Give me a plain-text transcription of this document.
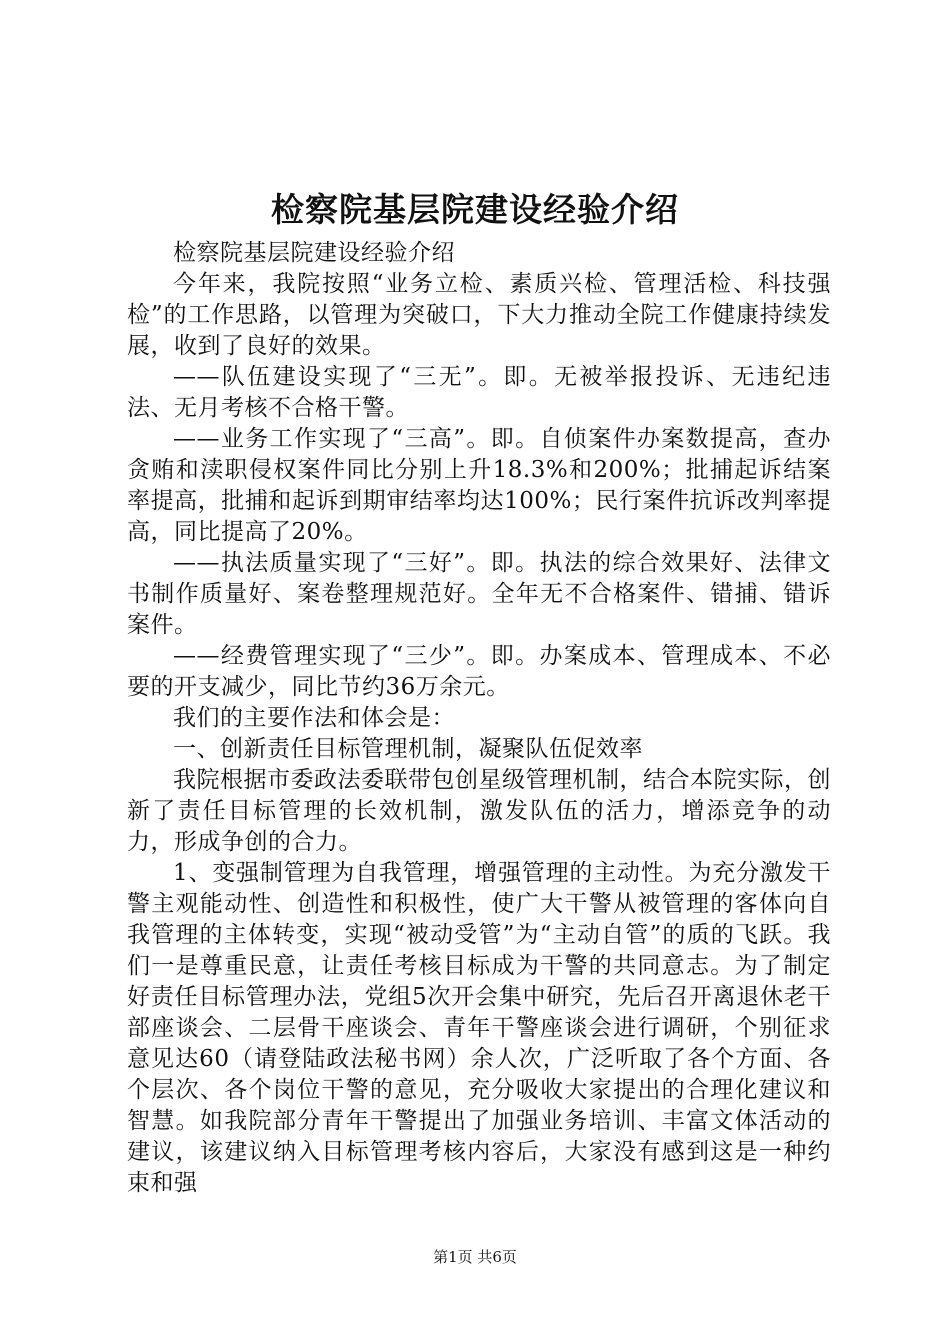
检察院基层院建设经验介绍

检察院基层院建设经验介绍

今年来，我院按照“业务立检、素质兴检、管理活检、科技强检”的工作思路，以管理为突破口，下大力推动全院工作健康持续发展，收到了良好的效果。

——队伍建设实现了“三无”。即。无被举报投诉、无违纪违法、无月考核不合格干警。

——业务工作实现了“三高”。即。自侦案件办案数提高，查办贪贿和渎职侵权案件同比分别上升18.3%和200%；批捕起诉结案率提高，批捕和起诉到期审结率均达100%；民行案件抗诉改判率提高，同比提高了20%。

——执法质量实现了“三好”。即。执法的综合效果好、法律文书制作质量好、案卷整理规范好。全年无不合格案件、错捕、错诉案件。

——经费管理实现了“三少”。即。办案成本、管理成本、不必要的开支减少，同比节约36万余元。

我们的主要作法和体会是：

一、创新责任目标管理机制，凝聚队伍促效率

我院根据市委政法委联带包创星级管理机制，结合本院实际，创新了责任目标管理的长效机制，激发队伍的活力，增添竞争的动力，形成争创的合力。

1、变强制管理为自我管理，增强管理的主动性。为充分激发干警主观能动性、创造性和积极性，使广大干警从被管理的客体向自我管理的主体转变，实现“被动受管”为“主动自管”的质的飞跃。我们一是尊重民意，让责任考核目标成为干警的共同意志。为了制定好责任目标管理办法，党组5次开会集中研究，先后召开离退休老干部座谈会、二层骨干座谈会、青年干警座谈会进行调研，个别征求意见达60（请登陆政法秘书网）余人次，广泛听取了各个方面、各个层次、各个岗位干警的意见，充分吸收大家提出的合理化建议和智慧。如我院部分青年干警提出了加强业务培训、丰富文体活动的建议，该建议纳入目标管理考核内容后，大家没有感到这是一种约束和强

第1页 共6页
